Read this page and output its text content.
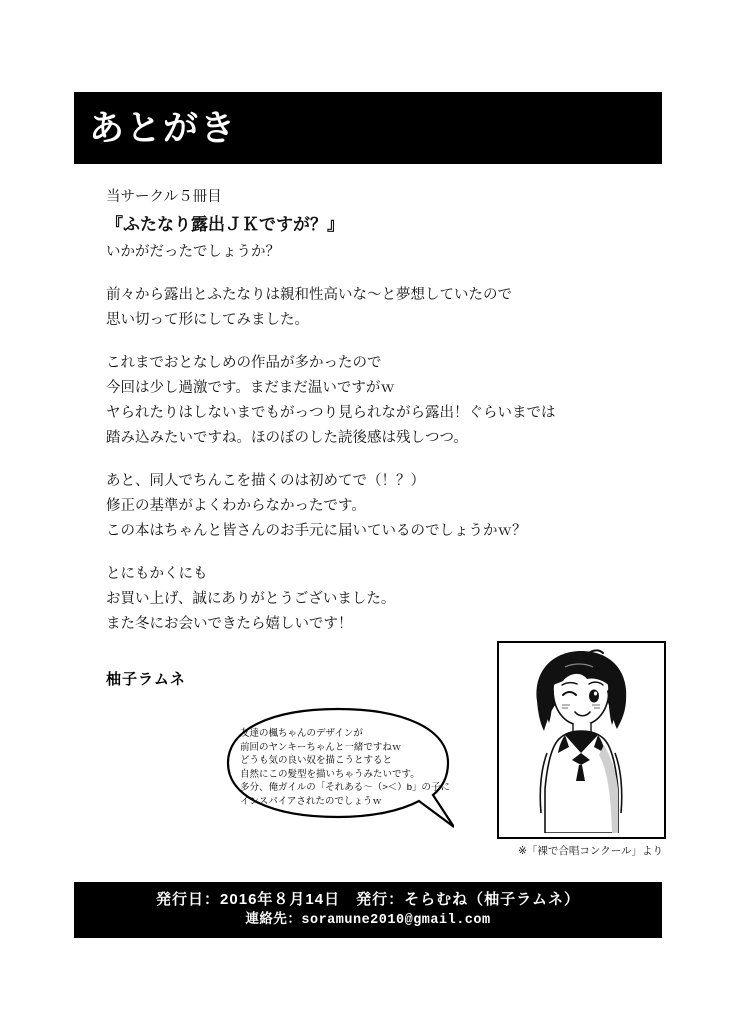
あとがき
当サークル５冊目
『ふたなり露出ＪＫですが？』
いかがだったでしょうか？
前々から露出とふたなりは親和性高いな〜と夢想していたので
思い切って形にしてみました。
これまでおとなしめの作品が多かったので
今回は少し過激です。まだまだ温いですがｗ
ヤられたりはしないまでもがっつり見られながら露出！ぐらいまでは
踏み込みたいですね。ほのぼのした読後感は残しつつ。
あと、同人でちんこを描くのは初めてで（！？）
修正の基準がよくわからなかったです。
この本はちゃんと皆さんのお手元に届いているのでしょうかｗ？
とにもかくにも
お買い上げ、誠にありがとうございました。
また冬にお会いできたら嬉しいです！
柚子ラムネ
友達の楓ちゃんのデザインが
前回のヤンキーちゃんと一緒ですねｗ
どうも気の良い奴を描こうとすると
自然にこの髪型を描いちゃうみたいです。
多分、俺ガイルの「それある〜（>＜）b」の子に
インスパイアされたのでしょうｗ
※「裸で合唱コンクール」より
発行日：2016年８月14日　発行：そらむね（柚子ラムネ）
連絡先：soramune2010@gmail.com
